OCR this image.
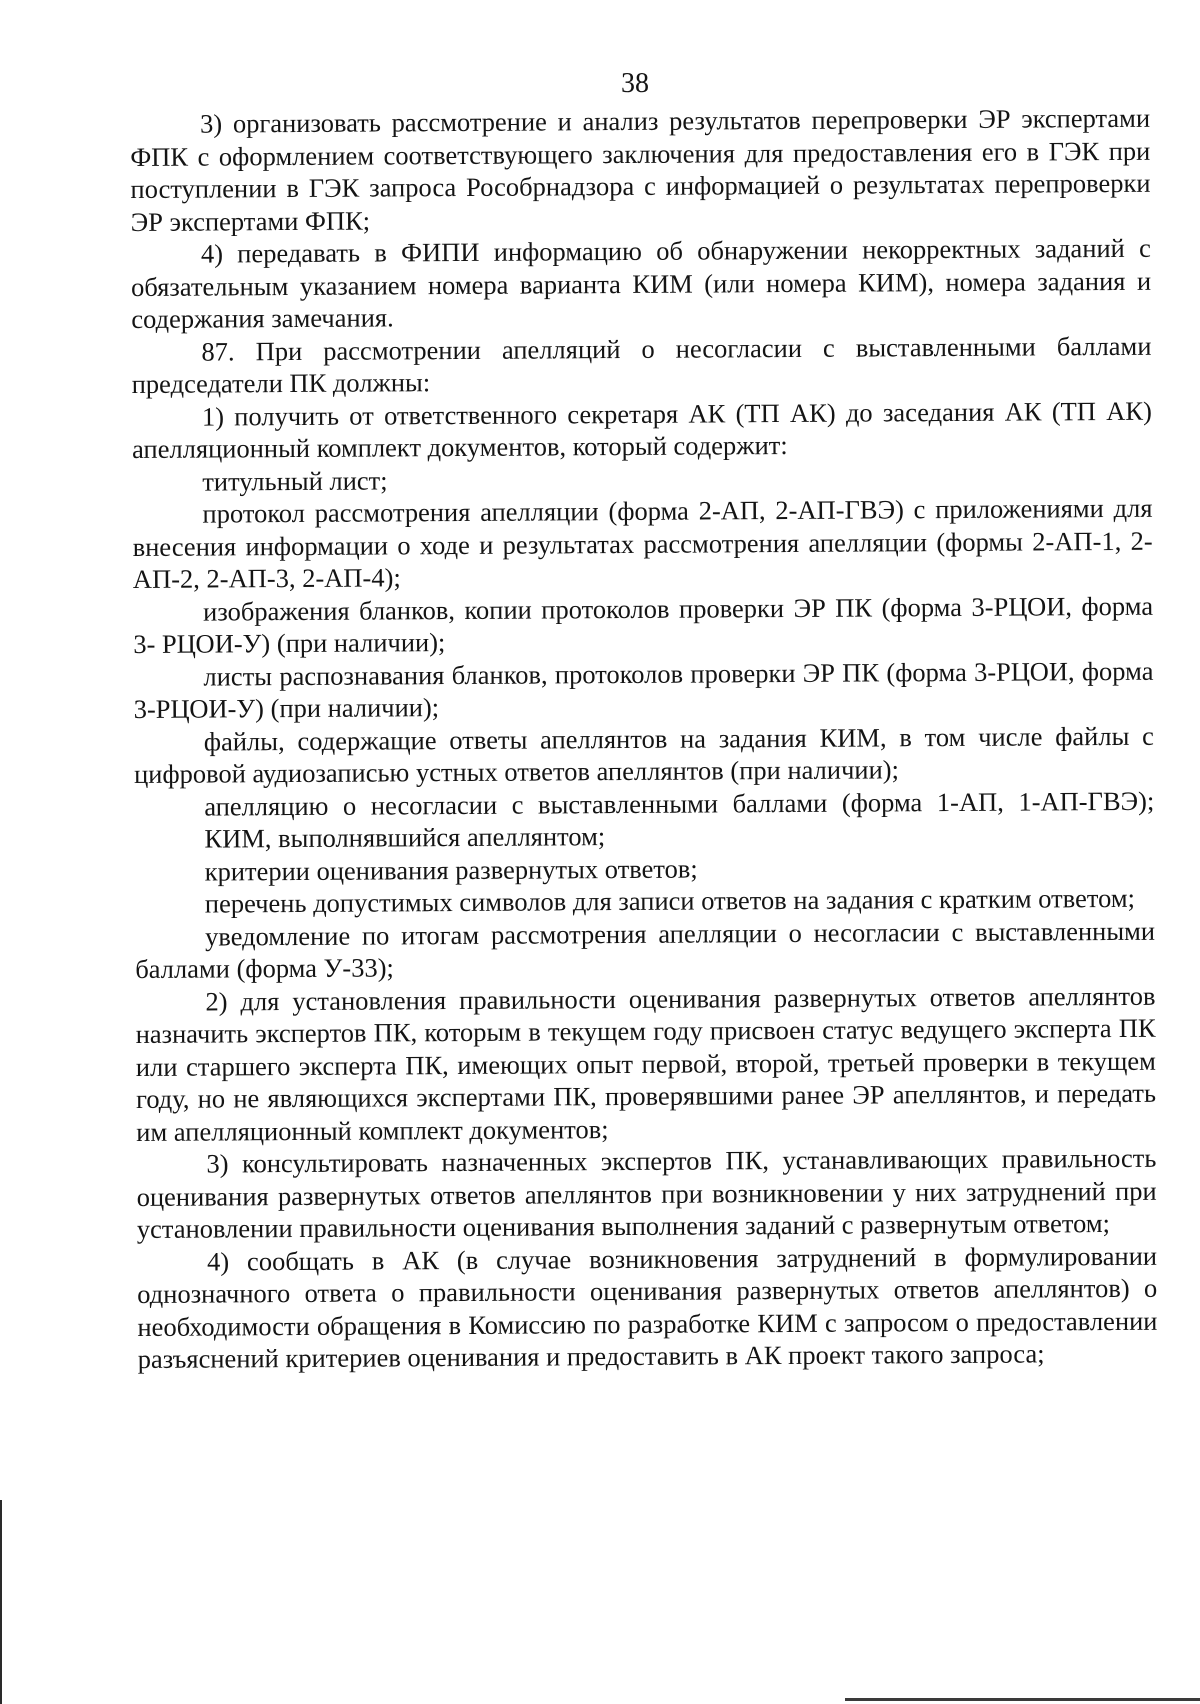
38

3) организовать рассмотрение и анализ результатов перепроверки ЭР экспертами ФПК с оформлением соответствующего заключения для предоставления его в ГЭК при поступлении в ГЭК запроса Рособрнадзора с информацией о результатах перепроверки ЭР экспертами ФПК;

4) передавать в ФИПИ информацию об обнаружении некорректных заданий с обязательным указанием номера варианта КИМ (или номера КИМ), номера задания и содержания замечания.

87. При рассмотрении апелляций о несогласии с выставленными баллами председатели ПК должны:

1) получить от ответственного секретаря АК (ТП АК) до заседания АК (ТП АК) апелляционный комплект документов, который содержит:

титульный лист;

протокол рассмотрения апелляции (форма 2-АП, 2-АП-ГВЭ) с приложениями для внесения информации о ходе и результатах рассмотрения апелляции (формы 2-АП-1, 2-АП-2, 2-АП-3, 2-АП-4);

изображения бланков, копии протоколов проверки ЭР ПК (форма 3-РЦОИ, форма 3- РЦОИ-У) (при наличии);

листы распознавания бланков, протоколов проверки ЭР ПК (форма 3-РЦОИ, форма 3-РЦОИ-У) (при наличии);

файлы, содержащие ответы апеллянтов на задания КИМ, в том числе файлы с цифровой аудиозаписью устных ответов апеллянтов (при наличии);

апелляцию о несогласии с выставленными баллами (форма 1-АП, 1-АП-ГВЭ);

КИМ, выполнявшийся апеллянтом;

критерии оценивания развернутых ответов;

перечень допустимых символов для записи ответов на задания с кратким ответом;

уведомление по итогам рассмотрения апелляции о несогласии с выставленными баллами (форма У-33);

2) для установления правильности оценивания развернутых ответов апеллянтов назначить экспертов ПК, которым в текущем году присвоен статус ведущего эксперта ПК или старшего эксперта ПК, имеющих опыт первой, второй, третьей проверки в текущем году, но не являющихся экспертами ПК, проверявшими ранее ЭР апеллянтов, и передать им апелляционный комплект документов;

3) консультировать назначенных экспертов ПК, устанавливающих правильность оценивания развернутых ответов апеллянтов при возникновении у них затруднений при установлении правильности оценивания выполнения заданий с развернутым ответом;

4) сообщать в АК (в случае возникновения затруднений в формулировании однозначного ответа о правильности оценивания развернутых ответов апеллянтов) о необходимости обращения в Комиссию по разработке КИМ с запросом о предоставлении разъяснений критериев оценивания и предоставить в АК проект такого запроса;
